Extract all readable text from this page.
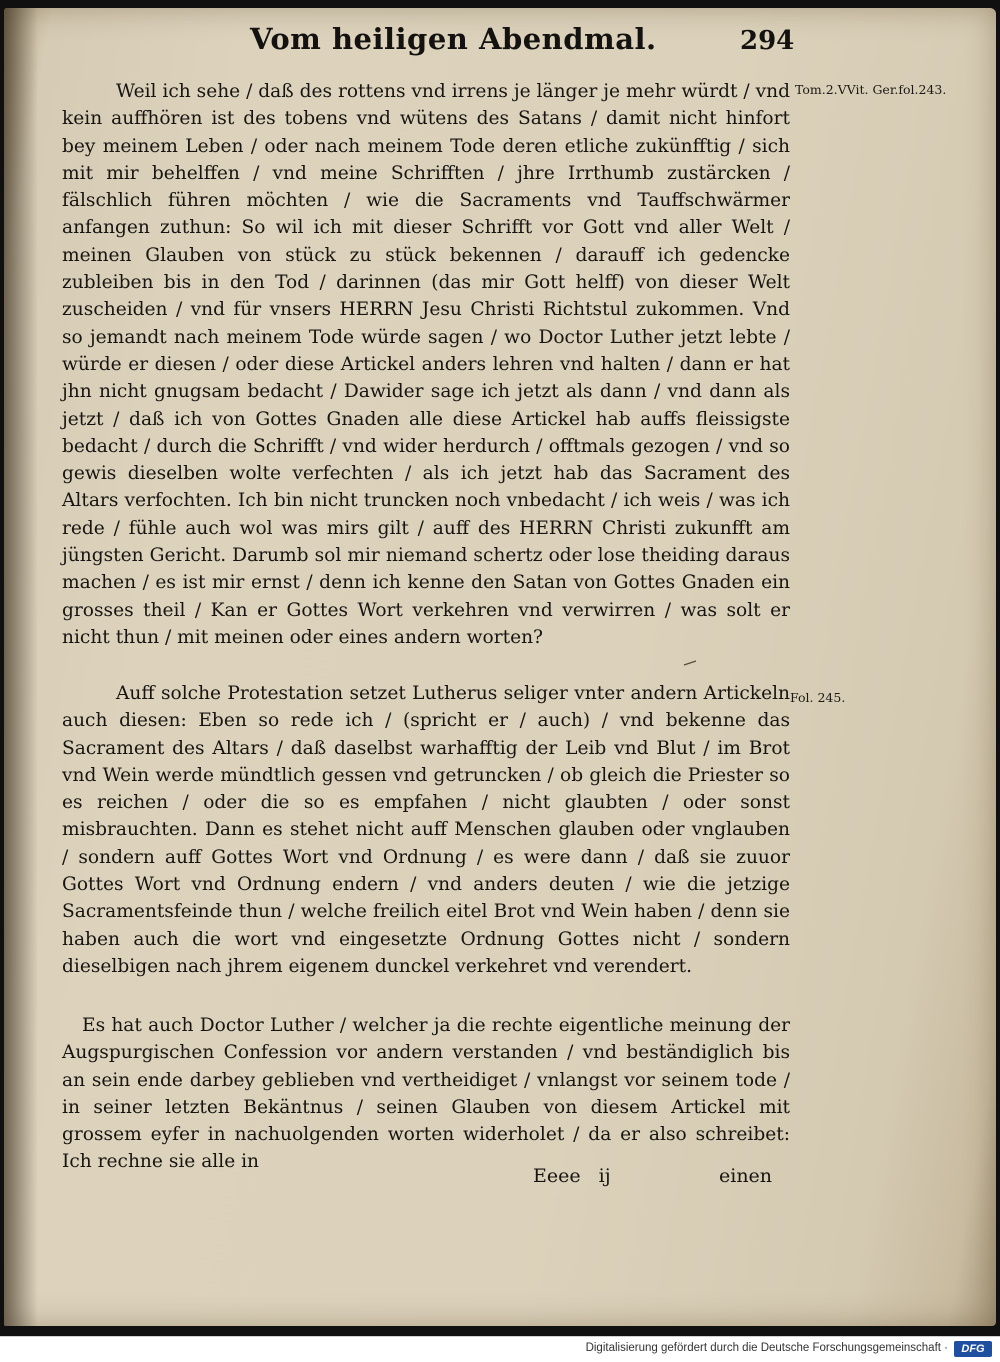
Vom heiligen Abendmal.	294
Tom.2.VVit. Ger.fol.243.
Fol. 245.

Weil ich sehe / daß des rottens vnd irrens je länger je mehr würdt / vnd kein auffhören ist des tobens vnd wütens des Satans / damit nicht hinfort bey meinem Leben / oder nach meinem Tode deren etliche zukünfftig / sich mit mir behelffen / vnd meine Schrifften / jhre Irrthumb zustärcken / fälschlich führen möchten / wie die Sacraments vnd Tauffschwärmer anfangen zuthun: So wil ich mit dieser Schrifft vor Gott vnd aller Welt / meinen Glauben von stück zu stück bekennen / darauff ich gedencke zubleiben bis in den Tod / darinnen (das mir Gott helff) von dieser Welt zuscheiden / vnd für vnsers HERRN Jesu Christi Richtstul zukommen. Vnd so jemandt nach meinem Tode würde sagen / wo Doctor Luther jetzt lebte / würde er diesen / oder diese Artickel anders lehren vnd halten / dann er hat jhn nicht gnugsam bedacht / Dawider sage ich jetzt als dann / vnd dann als jetzt / daß ich von Gottes Gnaden alle diese Artickel hab auffs fleissigste bedacht / durch die Schrifft / vnd wider herdurch / offtmals gezogen / vnd so gewis dieselben wolte verfechten / als ich jetzt hab das Sacrament des Altars verfochten. Ich bin nicht truncken noch vnbedacht / ich weis / was ich rede / fühle auch wol was mirs gilt / auff des HERRN Christi zukunfft am jüngsten Gericht. Darumb sol mir niemand schertz oder lose theiding daraus machen / es ist mir ernst / denn ich kenne den Satan von Gottes Gnaden ein grosses theil / Kan er Gottes Wort verkehren vnd verwirren / was solt er nicht thun / mit meinen oder eines andern worten?

Auff solche Protestation setzet Lutherus seliger vnter andern Artickeln auch diesen: Eben so rede ich / (spricht er / auch) / vnd bekenne das Sacrament des Altars / daß daselbst warhafftig der Leib vnd Blut / im Brot vnd Wein werde mündtlich gessen vnd getruncken / ob gleich die Priester so es reichen / oder die so es empfahen / nicht glaubten / oder sonst misbrauchten. Dann es stehet nicht auff Menschen glauben oder vnglauben / sondern auff Gottes Wort vnd Ordnung / es were dann / daß sie zuuor Gottes Wort vnd Ordnung endern / vnd anders deuten / wie die jetzige Sacramentsfeinde thun / welche freilich eitel Brot vnd Wein haben / denn sie haben auch die wort vnd eingesetzte Ordnung Gottes nicht / sondern dieselbigen nach jhrem eigenem dunckel verkehret vnd verendert.

Es hat auch Doctor Luther / welcher ja die rechte eigentliche meinung der Augspurgischen Confession vor andern verstanden / vnd beständiglich bis an sein ende darbey geblieben vnd vertheidiget / vnlangst vor seinem tode / in seiner letzten Bekäntnus / seinen Glauben von diesem Artickel mit grossem eyfer in nachuolgenden worten widerholet / da er also schreibet: Ich rechne sie alle in

Eeee ij	einen
Digitalisierung gefördert durch die Deutsche Forschungsgemeinschaft ·	DFG
